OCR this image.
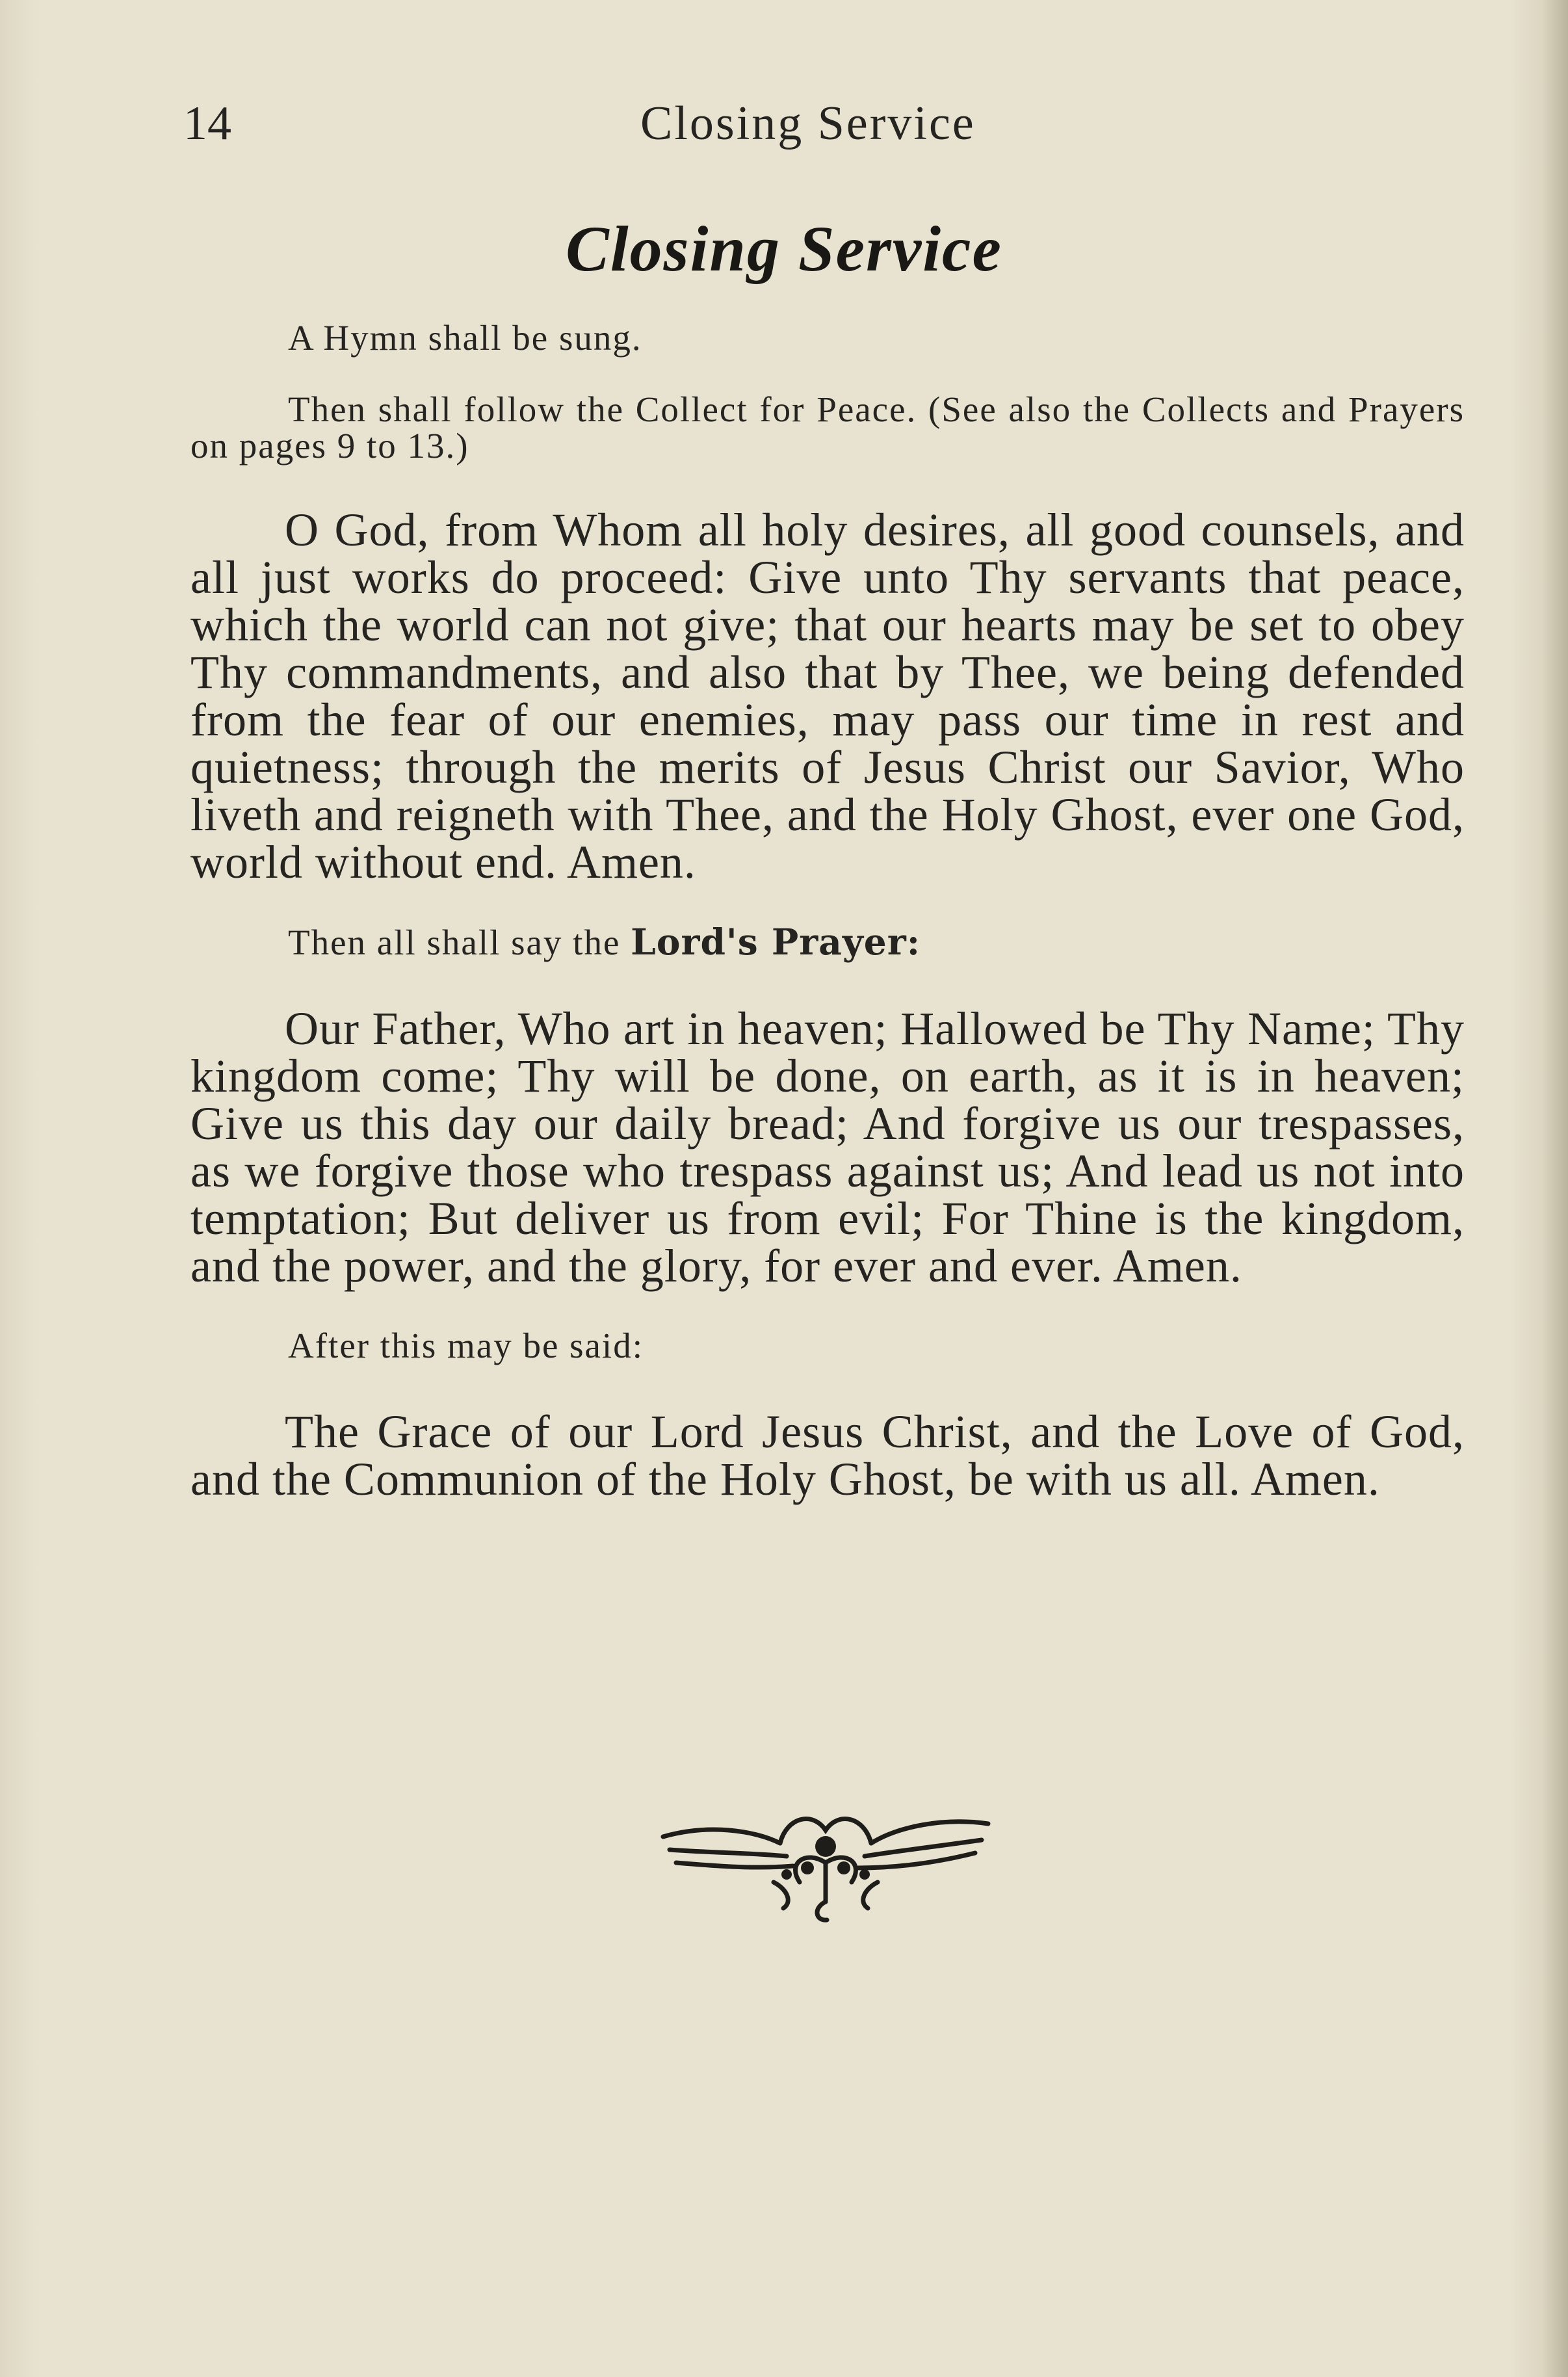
14	Closing Service
Closing Service

A Hymn shall be sung.

Then shall follow the Collect for Peace. (See also the Collects and Prayers on pages 9 to 13.)

O God, from Whom all holy desires, all good counsels, and all just works do proceed: Give unto Thy servants that peace, which the world can not give; that our hearts may be set to obey Thy commandments, and also that by Thee, we being defended from the fear of our enemies, may pass our time in rest and quietness; through the merits of Jesus Christ our Savior, Who liveth and reigneth with Thee, and the Holy Ghost, ever one God, world without end. Amen.

Then all shall say the Lord's Prayer:

Our Father, Who art in heaven; Hallowed be Thy Name; Thy kingdom come; Thy will be done, on earth, as it is in heaven; Give us this day our daily bread; And forgive us our trespasses, as we forgive those who trespass against us; And lead us not into temptation; But deliver us from evil; For Thine is the kingdom, and the power, and the glory, for ever and ever. Amen.

After this may be said:

The Grace of our Lord Jesus Christ, and the Love of God, and the Communion of the Holy Ghost, be with us all. Amen.
